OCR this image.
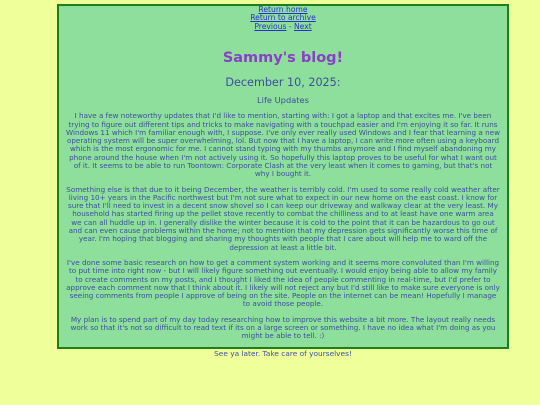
Return home
Return to archive
Previous - Next
Sammy's blog!
December 10, 2025:
Life Updates

I have a few noteworthy updates that I'd like to mention, starting with: I got a laptop and that excites me. I've been trying to figure out different tips and tricks to make navigating with a touchpad easier and I'm enjoying it so far. It runs Windows 11 which I'm familiar enough with, I suppose. I've only ever really used Windows and I fear that learning a new operating system will be super overwhelming, lol. But now that I have a laptop, I can write more often using a keyboard which is the most ergonomic for me. I cannot stand typing with my thumbs anymore and I find myself abandoning my phone around the house when I'm not actively using it. So hopefully this laptop proves to be useful for what I want out of it. It seems to be able to run Toontown: Corporate Clash at the very least when it comes to gaming, but that's not why I bought it.

Something else is that due to it being December, the weather is terribly cold. I'm used to some really cold weather after living 10+ years in the Pacific northwest but I'm not sure what to expect in our new home on the east coast. I know for sure that I'll need to invest in a decent snow shovel so I can keep our driveway and walkway clear at the very least. My household has started firing up the pellet stove recently to combat the chilliness and to at least have one warm area we can all huddle up in. I generally dislike the winter because it is cold to the point that it can be hazardous to go out and can even cause problems within the home; not to mention that my depression gets significantly worse this time of year. I'm hoping that blogging and sharing my thoughts with people that I care about will help me to ward off the depression at least a little bit.

I've done some basic research on how to get a comment system working and it seems more convoluted than I'm willing to put time into right now - but I will likely figure something out eventually. I would enjoy being able to allow my family to create comments on my posts, and I thought I liked the idea of people commenting in real-time, but I'd prefer to approve each comment now that I think about it. I likely will not reject any but I'd still like to make sure everyone is only seeing comments from people I approve of being on the site. People on the internet can be mean! Hopefully I manage to avoid those people.

My plan is to spend part of my day today researching how to improve this website a bit more. The layout really needs work so that it's not so difficult to read text if its on a large screen or something. I have no idea what I'm doing as you might be able to tell. :)

See ya later. Take care of yourselves!
